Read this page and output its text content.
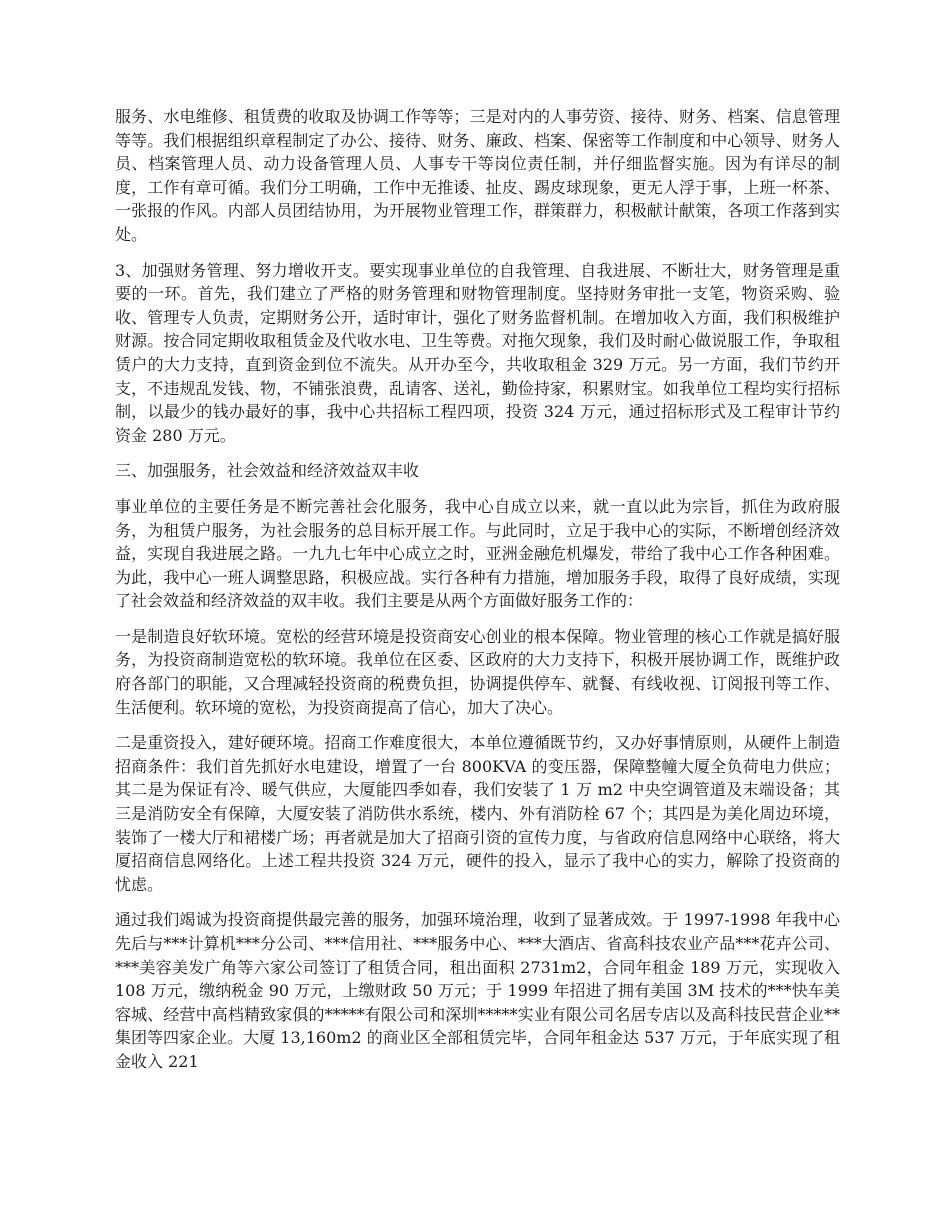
服务、水电维修、租赁费的收取及协调工作等等；三是对内的人事劳资、接待、财务、档案、信息管理等等。我们根据组织章程制定了办公、接待、财务、廉政、档案、保密等工作制度和中心领导、财务人员、档案管理人员、动力设备管理人员、人事专干等岗位责任制，并仔细监督实施。因为有详尽的制度，工作有章可循。我们分工明确，工作中无推诿、扯皮、踢皮球现象，更无人浮于事，上班一杯茶、一张报的作风。内部人员团结协用，为开展物业管理工作，群策群力，积极献计献策，各项工作落到实处。

3、加强财务管理、努力增收开支。要实现事业单位的自我管理、自我进展、不断壮大，财务管理是重要的一环。首先，我们建立了严格的财务管理和财物管理制度。坚持财务审批一支笔，物资采购、验收、管理专人负责，定期财务公开，适时审计，强化了财务监督机制。在增加收入方面，我们积极维护财源。按合同定期收取租赁金及代收水电、卫生等费。对拖欠现象，我们及时耐心做说服工作，争取租赁户的大力支持，直到资金到位不流失。从开办至今，共收取租金 329 万元。另一方面，我们节约开支，不违规乱发钱、物，不铺张浪费，乱请客、送礼，勤俭持家，积累财宝。如我单位工程均实行招标制，以最少的钱办最好的事，我中心共招标工程四项，投资 324 万元，通过招标形式及工程审计节约资金 280 万元。

三、加强服务，社会效益和经济效益双丰收

事业单位的主要任务是不断完善社会化服务，我中心自成立以来，就一直以此为宗旨，抓住为政府服务，为租赁户服务，为社会服务的总目标开展工作。与此同时，立足于我中心的实际，不断增创经济效益，实现自我进展之路。一九九七年中心成立之时，亚洲金融危机爆发，带给了我中心工作各种困难。为此，我中心一班人调整思路，积极应战。实行各种有力措施，增加服务手段，取得了良好成绩，实现了社会效益和经济效益的双丰收。我们主要是从两个方面做好服务工作的：

一是制造良好软环境。宽松的经营环境是投资商安心创业的根本保障。物业管理的核心工作就是搞好服务，为投资商制造宽松的软环境。我单位在区委、区政府的大力支持下，积极开展协调工作，既维护政府各部门的职能，又合理减轻投资商的税费负担，协调提供停车、就餐、有线收视、订阅报刊等工作、生活便利。软环境的宽松，为投资商提高了信心，加大了决心。

二是重资投入，建好硬环境。招商工作难度很大，本单位遵循既节约，又办好事情原则，从硬件上制造招商条件：我们首先抓好水电建设，增置了一台 800KVA 的变压器，保障整幢大厦全负荷电力供应；其二是为保证有冷、暖气供应，大厦能四季如春，我们安装了 1 万 m2 中央空调管道及末端设备；其三是消防安全有保障，大厦安装了消防供水系统，楼内、外有消防栓 67 个；其四是为美化周边环境，装饰了一楼大厅和裙楼广场；再者就是加大了招商引资的宣传力度，与省政府信息网络中心联络，将大厦招商信息网络化。上述工程共投资 324 万元，硬件的投入，显示了我中心的实力，解除了投资商的忧虑。

通过我们竭诚为投资商提供最完善的服务，加强环境治理，收到了显著成效。于 1997-1998 年我中心先后与***计算机***分公司、***信用社、***服务中心、***大酒店、省高科技农业产品***花卉公司、***美容美发广角等六家公司签订了租赁合同，租出面积 2731m2，合同年租金 189 万元，实现收入 108 万元，缴纳税金 90 万元，上缴财政 50 万元；于 1999 年招进了拥有美国 3M 技术的***快车美容城、经营中高档精致家俱的*****有限公司和深圳*****实业有限公司名居专店以及高科技民营企业**集团等四家企业。大厦 13,160m2 的商业区全部租赁完毕，合同年租金达 537 万元，于年底实现了租金收入 221
